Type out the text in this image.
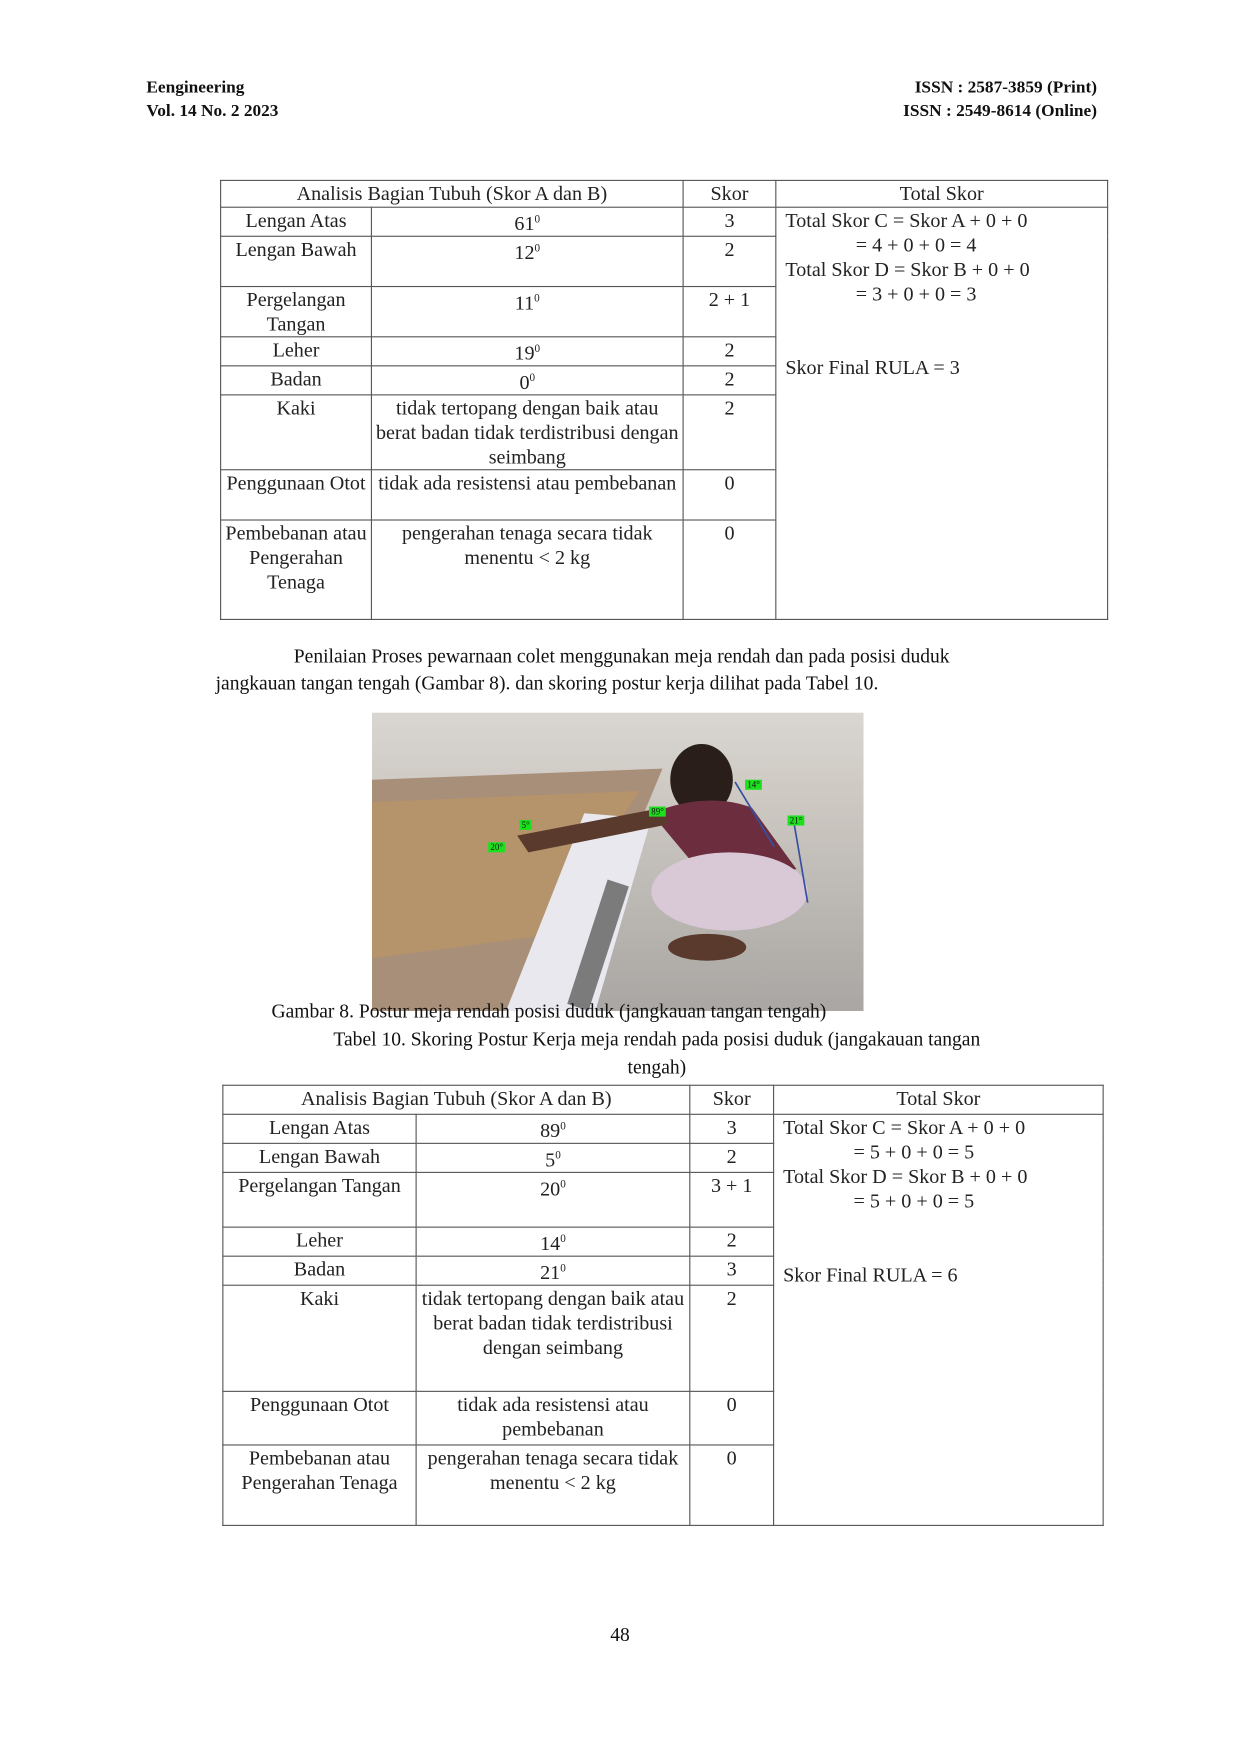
Eengineering
Vol. 14 No. 2 2023
ISSN : 2587-3859 (Print)
ISSN : 2549-8614 (Online)
Analisis Bagian Tubuh (Skor A dan B)		Skor	Total Skor
Lengan Atas	$61^0$	3	Total Skor C = Skor A + 0 + 0
= 4 + 0 + 0 = 4
Total Skor D = Skor B + 0 + 0
= 3 + 0 + 0 = 3

Skor Final RULA = 3
Lengan Bawah	$12^0$	2	
Pergelangan Tangan	$11^0$	2 + 1	
Leher	$19^0$	2	
Badan	$0^0$	2	
Kaki	tidak tertopang dengan baik atau berat badan tidak terdistribusi dengan seimbang	2	
Penggunaan Otot	tidak ada resistensi atau pembebanan	0	
Pembebanan atau Pengerahan Tenaga	pengerahan tenaga secara tidak menentu < 2 kg	0	
Penilaian Proses pewarnaan colet menggunakan meja rendah dan pada posisi duduk
jangkauan tangan tengah (Gambar 8). dan skoring postur kerja dilihat pada Tabel 10.
14°
89°
21°
5°
20°
Gambar 8. Postur meja rendah posisi duduk (jangkauan tangan tengah)
Tabel 10. Skoring Postur Kerja meja rendah pada posisi duduk (jangakauan tangan
tengah)
Analisis Bagian Tubuh (Skor A dan B)		Skor	Total Skor
Lengan Atas	$89^0$	3	Total Skor C = Skor A + 0 + 0
= 5 + 0 + 0 = 5
Total Skor D = Skor B + 0 + 0
= 5 + 0 + 0 = 5

Skor Final RULA = 6
Lengan Bawah	$5^0$	2	
Pergelangan Tangan	$20^0$	3 + 1	
Leher	$14^0$	2	
Badan	$21^0$	3	
Kaki	tidak tertopang dengan baik atau berat badan tidak terdistribusi dengan seimbang	2	
Penggunaan Otot	tidak ada resistensi atau pembebanan	0	
Pembebanan atau Pengerahan Tenaga	pengerahan tenaga secara tidak menentu < 2 kg	0	
48
